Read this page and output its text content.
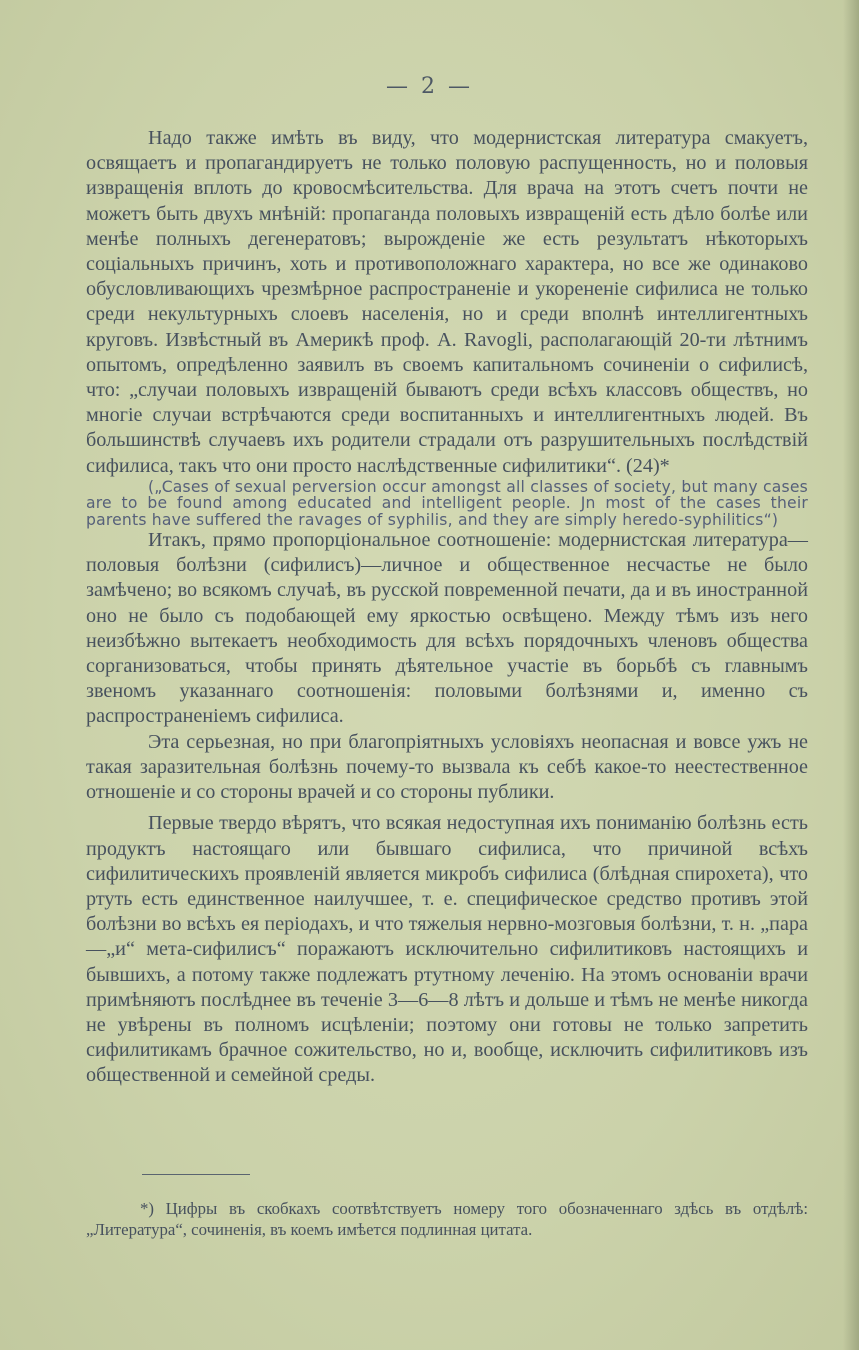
— 2 —

Надо также имѣть въ виду, что модернистская литература смакуетъ, освящаетъ и пропагандируетъ не только половую распущенность, но и половыя извращенія вплоть до кровосмѣсительства. Для врача на этотъ счетъ почти не можетъ быть двухъ мнѣній: пропаганда половыхъ извращеній есть дѣло болѣе или менѣе полныхъ дегенератовъ; вырожденіе же есть результатъ нѣкоторыхъ соціальныхъ причинъ, хоть и противоположнаго характера, но все же одинаково обусловливающихъ чрезмѣрное распространеніе и укорененіе сифилиса не только среди некультурныхъ слоевъ населенія, но и среди вполнѣ интеллигентныхъ круговъ. Извѣстный въ Америкѣ проф. A. Ravogli, располагающій 20-ти лѣтнимъ опытомъ, опредѣленно заявилъ въ своемъ капитальномъ сочиненіи о сифилисѣ, что: „случаи половыхъ извращеній бываютъ среди всѣхъ классовъ обществъ, но многіе случаи встрѣчаются среди воспитанныхъ и интеллигентныхъ людей. Въ большинствѣ случаевъ ихъ родители страдали отъ разрушительныхъ послѣдствій сифилиса, такъ что они просто наслѣдственные сифилитики“. (24)*

(„Cases of sexual perversion occur amongst all classes of society, but many cases are to be found among educated and intelligent people. Jn most of the cases their parents have suffered the ravages of syphilis, and they are simply heredo-syphilitics“)

Итакъ, прямо пропорціональное соотношеніе: модернистская литература—половыя болѣзни (сифилисъ)—личное и общественное несчастье не было замѣчено; во всякомъ случаѣ, въ русской повременной печати, да и въ иностранной оно не было съ подобающей ему яркостью освѣщено. Между тѣмъ изъ него неизбѣжно вытекаетъ необходимость для всѣхъ порядочныхъ членовъ общества сорганизоваться, чтобы принять дѣятельное участіе въ борьбѣ съ главнымъ звеномъ указаннаго соотношенія: половыми болѣзнями и, именно съ распространеніемъ сифилиса.

Эта серьезная, но при благопріятныхъ условіяхъ неопасная и вовсе ужъ не такая заразительная болѣзнь почему-то вызвала къ себѣ какое-то неестественное отношеніе и со стороны врачей и со стороны публики.

Первые твердо вѣрятъ, что всякая недоступная ихъ пониманію болѣзнь есть продуктъ настоящаго или бывшаго сифилиса, что причиной всѣхъ сифилитическихъ проявленій является микробъ сифилиса (блѣдная спирохета), что ртуть есть единственное наилучшее, т. е. специфическое средство противъ этой болѣзни во всѣхъ ея періодахъ, и что тяжелыя нервно-мозговыя болѣзни, т. н. „пара—„и“ мета-сифилисъ“ поражаютъ исключительно сифилитиковъ настоящихъ и бывшихъ, а потому также подлежатъ ртутному леченію. На этомъ основаніи врачи примѣняютъ послѣднее въ теченіе 3—6—8 лѣтъ и дольше и тѣмъ не менѣе никогда не увѣрены въ полномъ исцѣленіи; поэтому они готовы не только запретить сифилитикамъ брачное сожительство, но и, вообще, исключить сифилитиковъ изъ общественной и семейной среды.

*) Цифры въ скобкахъ соотвѣтствуетъ номеру того обозначеннаго здѣсь въ отдѣлѣ: „Литература“, сочиненія, въ коемъ имѣется подлинная цитата.
